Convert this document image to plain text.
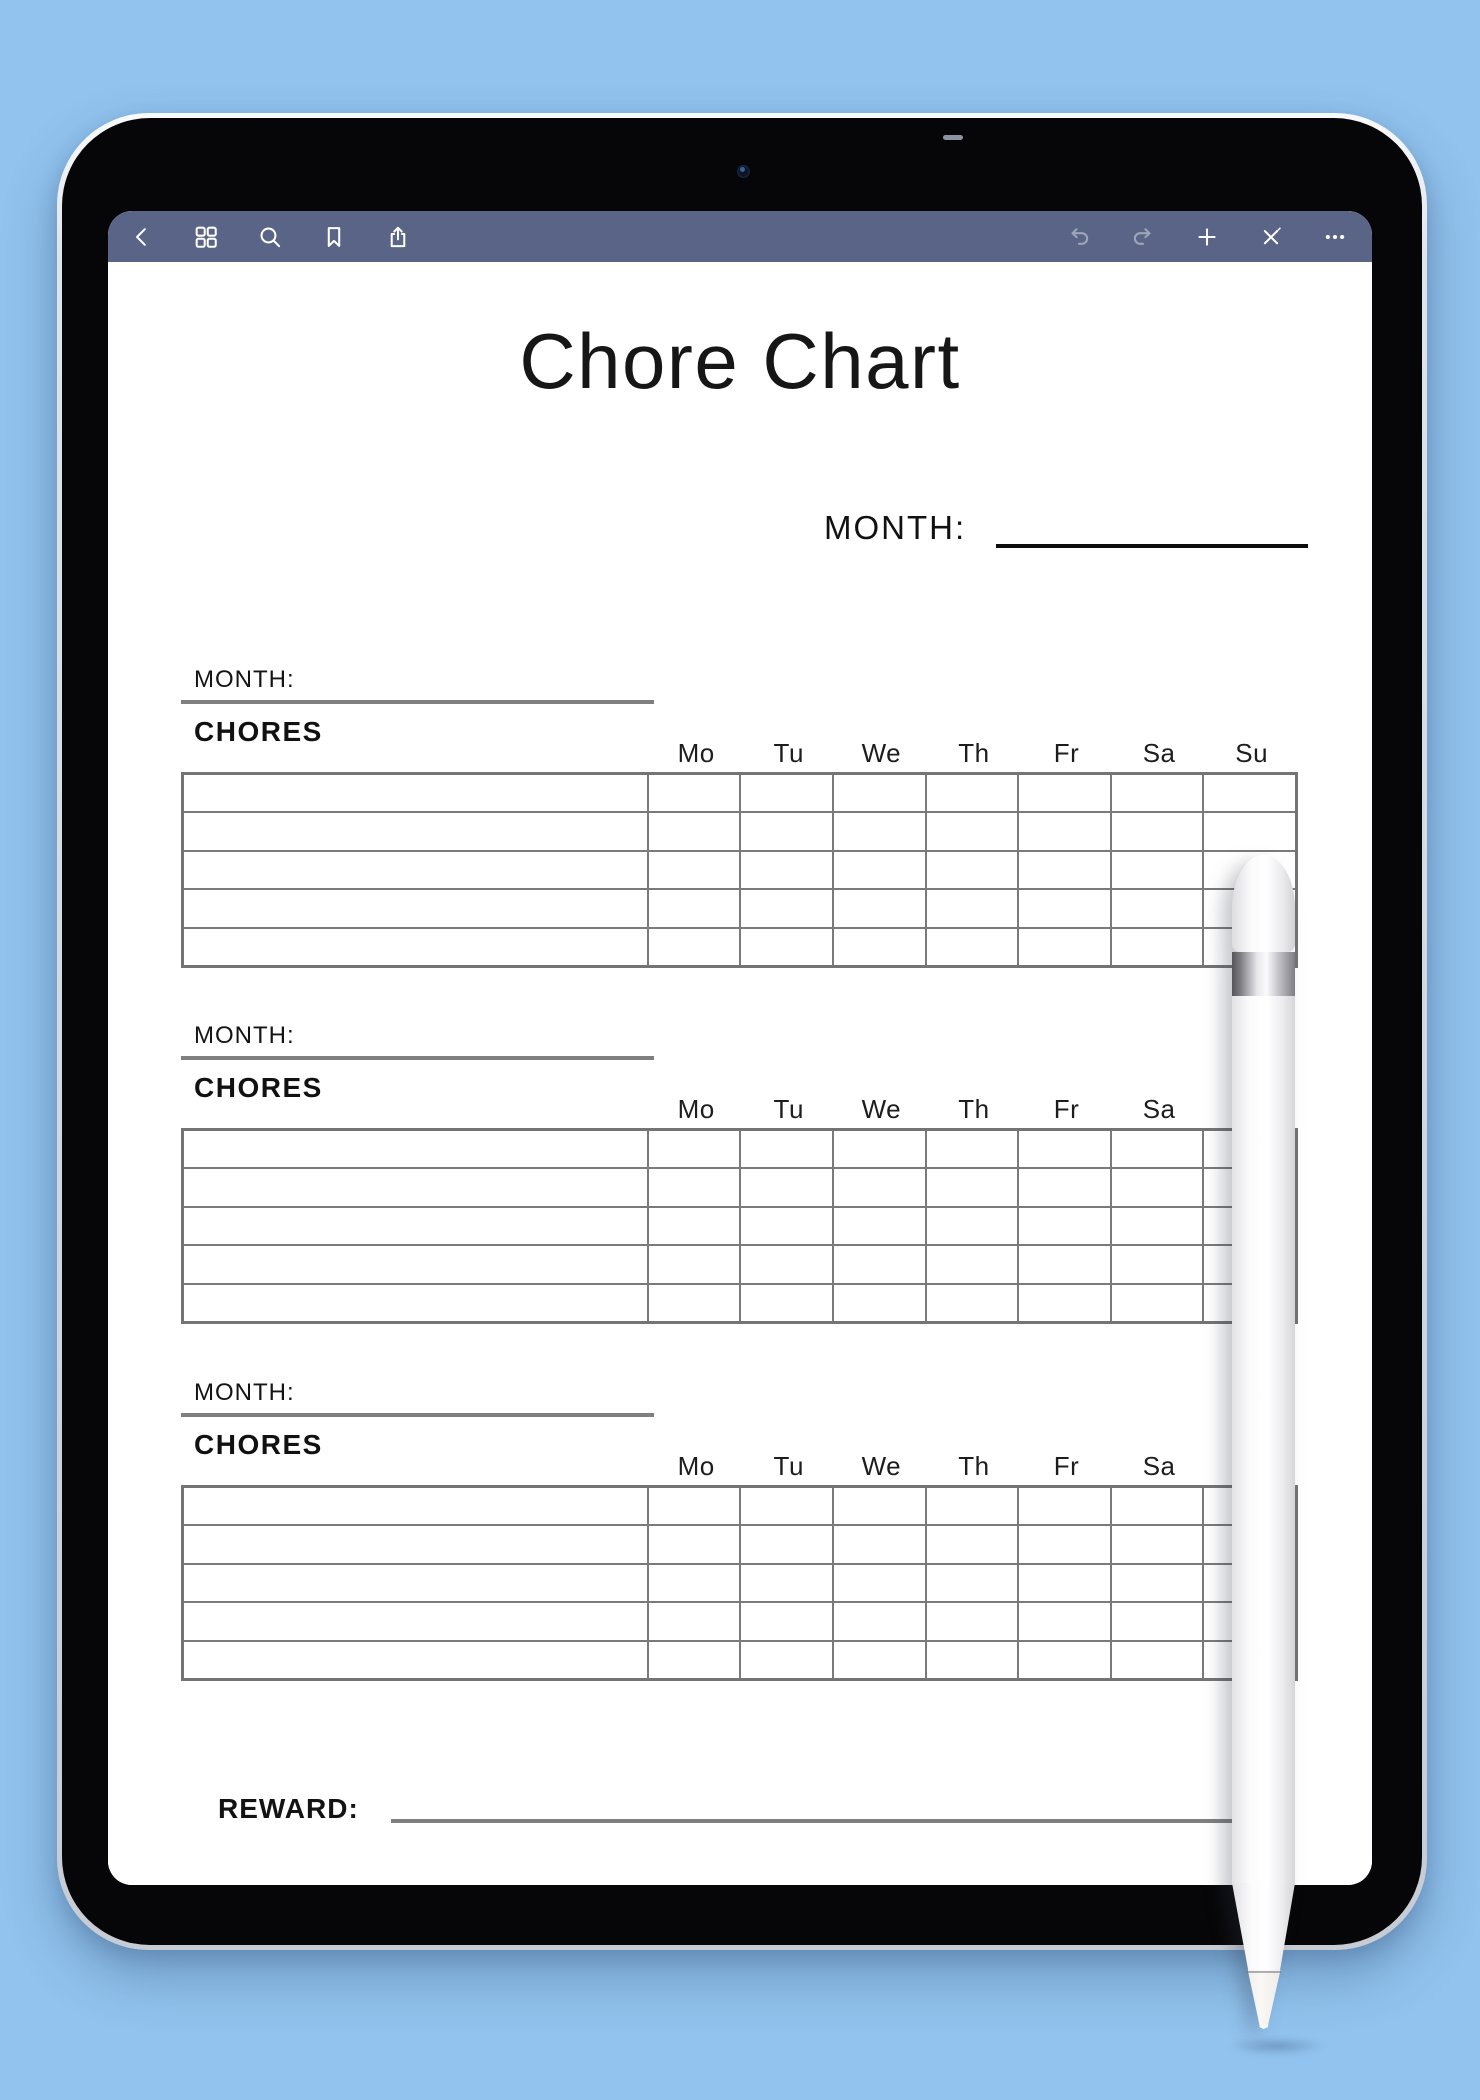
Chore Chart
MONTH:
MONTH:
CHORES
Mo	Tu	We	Th	Fr	Sa	Su
MONTH:
CHORES
Mo	Tu	We	Th	Fr	Sa
MONTH:
CHORES
Mo	Tu	We	Th	Fr	Sa
REWARD:
